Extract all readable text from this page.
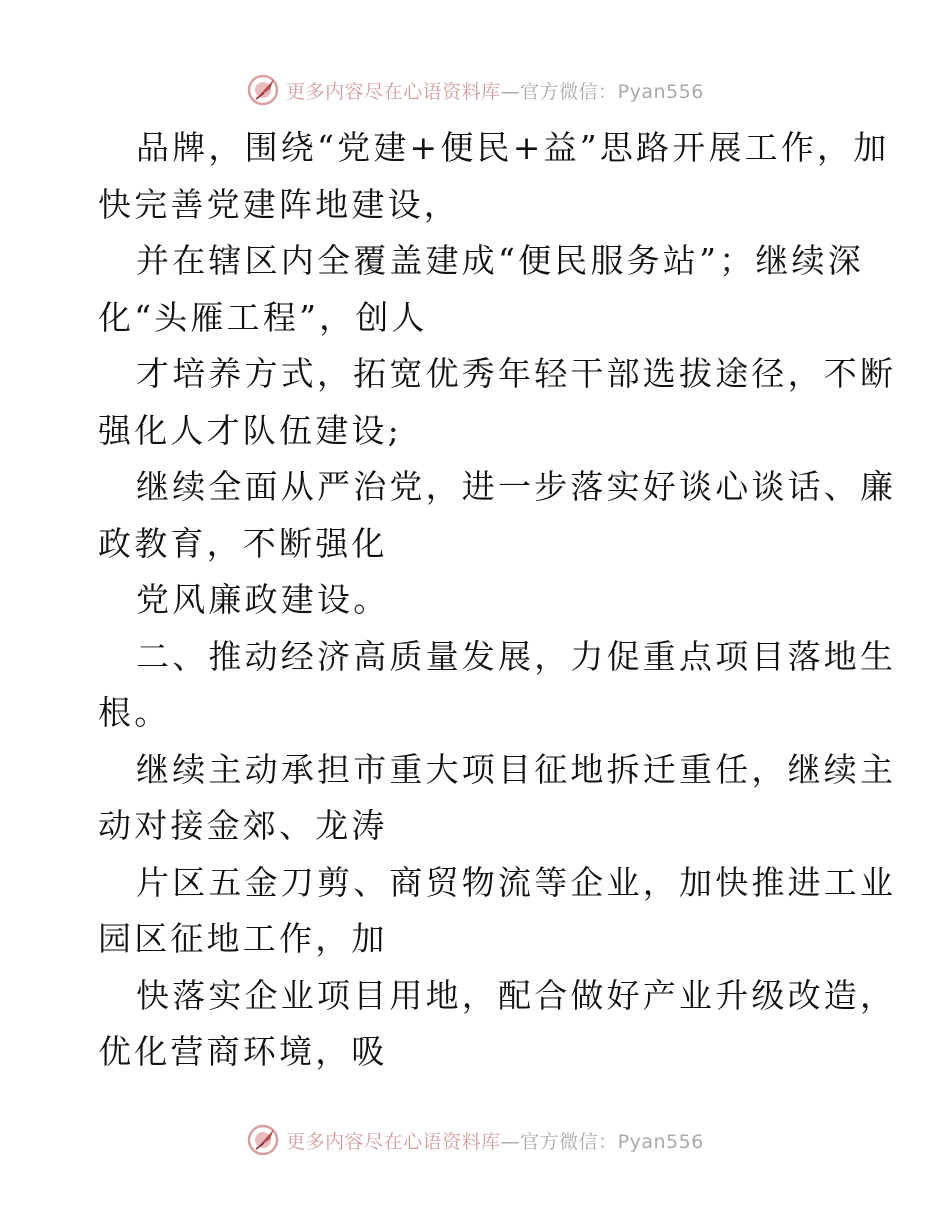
更多内容尽在心语资料库—官方微信：Pyan556

品牌，围绕“党建+便民+益”思路开展工作，加
快完善党建阵地建设，

并在辖区内全覆盖建成“便民服务站”；继续深
化“头雁工程”，创人

才培养方式，拓宽优秀年轻干部选拔途径，不断
强化人才队伍建设;

继续全面从严治党，进一步落实好谈心谈话、廉
政教育，不断强化

党风廉政建设。

二、推动经济高质量发展，力促重点项目落地生
根。

继续主动承担市重大项目征地拆迁重任，继续主
动对接金郊、龙涛

片区五金刀剪、商贸物流等企业，加快推进工业
园区征地工作，加

快落实企业项目用地，配合做好产业升级改造，
优化营商环境，吸

更多内容尽在心语资料库—官方微信：Pyan556
